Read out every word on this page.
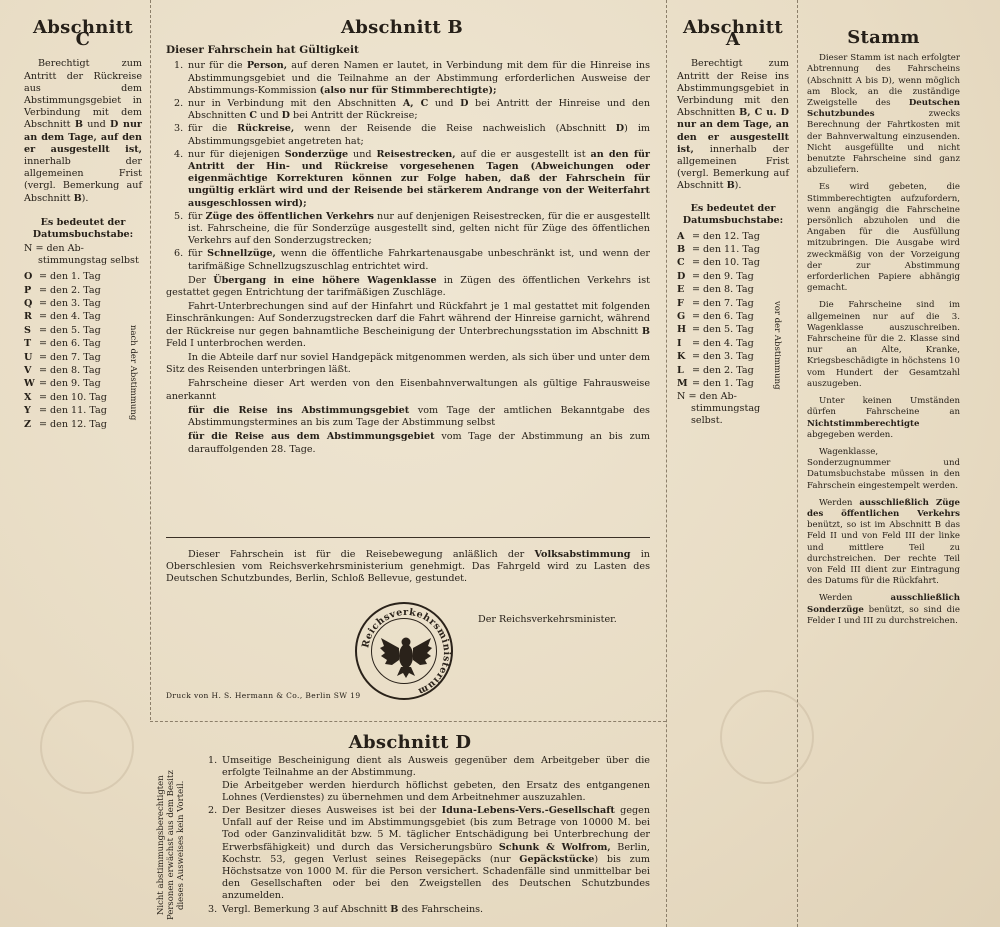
Abschnitt C
Berechtigt zum Antritt der Rückreise aus dem Abstimmungsgebiet in Verbindung mit dem Abschnitt B und D nur an dem Tage, auf den er ausgestellt ist, innerhalb der allgemeinen Frist (vergl. Bemerkung auf Abschnitt B).
Es bedeutet der Datumsbuchstabe:
N = den Ab-
stimmungstag selbst
O = den 1. Tag
P = den 2. Tag
Q = den 3. Tag
R = den 4. Tag
S = den 5. Tag
T = den 6. Tag
U = den 7. Tag
V = den 8. Tag
W = den 9. Tag
X = den 10. Tag
Y = den 11. Tag
Z = den 12. Tag
nach der Abstimmung
Abschnitt B
Dieser Fahrschein hat Gültigkeit
1. nur für die Person, auf deren Namen er lautet, in Verbindung mit dem für die Hinreise ins Abstimmungsgebiet und die Teilnahme an der Abstimmung erforderlichen Ausweise der Abstimmungs-Kommission (also nur für Stimmberechtigte);
2. nur in Verbindung mit den Abschnitten A, C und D bei Antritt der Hinreise und den Abschnitten C und D bei Antritt der Rückreise;
3. für die Rückreise, wenn der Reisende die Reise nachweislich (Abschnitt D) im Abstimmungsgebiet angetreten hat;
4. nur für diejenigen Sonderzüge und Reisestrecken, auf die er ausgestellt ist an den für Antritt der Hin- und Rückreise vorgesehenen Tagen (Abweichungen oder eigenmächtige Korrekturen können zur Folge haben, daß der Fahrschein für ungültig erklärt wird und der Reisende bei stärkerem Andrange von der Weiterfahrt ausgeschlossen wird);
5. für Züge des öffentlichen Verkehrs nur auf denjenigen Reisestrecken, für die er ausgestellt ist. Fahrscheine, die für Sonderzüge ausgestellt sind, gelten nicht für Züge des öffentlichen Verkehrs auf den Sonderzugstrecken;
6. für Schnellzüge, wenn die öffentliche Fahrkartenausgabe unbeschränkt ist, und wenn der tarifmäßige Schnellzugszuschlag entrichtet wird.
Der Übergang in eine höhere Wagenklasse in Zügen des öffentlichen Verkehrs ist gestattet gegen Entrichtung der tarifmäßigen Zuschläge.
Fahrt-Unterbrechungen sind auf der Hinfahrt und Rückfahrt je 1 mal gestattet mit folgenden Einschränkungen: Auf Sonderzugstrecken darf die Fahrt während der Hinreise garnicht, während der Rückreise nur gegen bahnamtliche Bescheinigung der Unterbrechungsstation im Abschnitt B Feld I unterbrochen werden.
In die Abteile darf nur soviel Handgepäck mitgenommen werden, als sich über und unter dem Sitz des Reisenden unterbringen läßt.
Fahrscheine dieser Art werden von den Eisenbahnverwaltungen als gültige Fahrausweise anerkannt
für die Reise ins Abstimmungsgebiet vom Tage der amtlichen Bekanntgabe des Abstimmungstermines an bis zum Tage der Abstimmung selbst
für die Reise aus dem Abstimmungsgebiet vom Tage der Abstimmung an bis zum darauffolgenden 28. Tage.
Dieser Fahrschein ist für die Reisebewegung anläßlich der Volksabstimmung in Oberschlesien vom Reichsverkehrsministerium genehmigt. Das Fahrgeld wird zu Lasten des Deutschen Schutzbundes, Berlin, Schloß Bellevue, gestundet.
Der Reichsverkehrsminister.
Reichsverkehrsministerium
Druck von H. S. Hermann & Co., Berlin SW 19
Abschnitt A
Berechtigt zum Antritt der Reise ins Abstimmungsgebiet in Verbindung mit den Abschnitten B, C u. D nur an dem Tage, an den er ausgestellt ist, innerhalb der allgemeinen Frist (vergl. Bemerkung auf Abschnitt B).
Es bedeutet der Datumsbuchstabe:
A = den 12. Tag
B = den 11. Tag
C = den 10. Tag
D = den 9. Tag
E = den 8. Tag
F = den 7. Tag
G = den 6. Tag
H = den 5. Tag
I	= den 4. Tag
K = den 3. Tag
L = den 2. Tag
M = den 1. Tag
N = den Ab-
stimmungstag selbst.
vor der Abstimmung
Stamm
Dieser Stamm ist nach erfolgter Abtrennung des Fahrscheins (Abschnitt A bis D), wenn möglich am Block, an die zuständige Zweigstelle des Deutschen Schutzbundes zwecks Berechnung der Fahrtkosten mit der Bahnverwaltung einzusenden. Nicht ausgefüllte und nicht benutzte Fahrscheine sind ganz abzuliefern.
Es wird gebeten, die Stimmberechtigten aufzufordern, wenn angängig die Fahrscheine persönlich abzuholen und die Angaben für die Ausfüllung mitzubringen. Die Ausgabe wird zweckmäßig von der Vorzeigung der zur Abstimmung erforderlichen Papiere abhängig gemacht.
Die Fahrscheine sind im allgemeinen nur auf die 3. Wagenklasse auszuschreiben. Fahrscheine für die 2. Klasse sind nur an Alte, Kranke, Kriegsbeschädigte in höchstens 10 vom Hundert der Gesamtzahl auszugeben.
Unter keinen Umständen dürfen Fahrscheine an Nichtstimmberechtigte abgegeben werden.
Wagenklasse, Sonderzugnummer und Datumsbuchstabe müssen in den Fahrschein eingestempelt werden.
Werden ausschließlich Züge des öffentlichen Verkehrs benützt, so ist im Abschnitt B das Feld II und von Feld III der linke und mittlere Teil zu durchstreichen. Der rechte Teil von Feld III dient zur Eintragung des Datums für die Rückfahrt.
Werden ausschließlich Sonderzüge benützt, so sind die Felder I und III zu durchstreichen.
Nicht abstimmungsberechtigten Personen erwächst aus dem Besitz dieses Ausweises kein Vorteil.
Abschnitt D
1. Umseitige Bescheinigung dient als Ausweis gegenüber dem Arbeitgeber über die erfolgte Teilnahme an der Abstimmung.
Die Arbeitgeber werden hierdurch höflichst gebeten, den Ersatz des entgangenen Lohnes (Verdienstes) zu übernehmen und dem Arbeitnehmer auszuzahlen.
2. Der Besitzer dieses Ausweises ist bei der Iduna-Lebens-Vers.-Gesellschaft gegen Unfall auf der Reise und im Abstimmungsgebiet (bis zum Betrage von 10000 M. bei Tod oder Ganzinvalidität bzw. 5 M. täglicher Entschädigung bei Unterbrechung der Erwerbsfähigkeit) und durch das Versicherungsbüro Schunk & Wolfrom, Berlin, Kochstr. 53, gegen Verlust seines Reisegepäcks (nur Gepäckstücke) bis zum Höchstsatze von 1000 M. für die Person versichert. Schadenfälle sind unmittelbar bei den Gesellschaften oder bei den Zweigstellen des Deutschen Schutzbundes anzumelden.
3. Vergl. Bemerkung 3 auf Abschnitt B des Fahrscheins.
